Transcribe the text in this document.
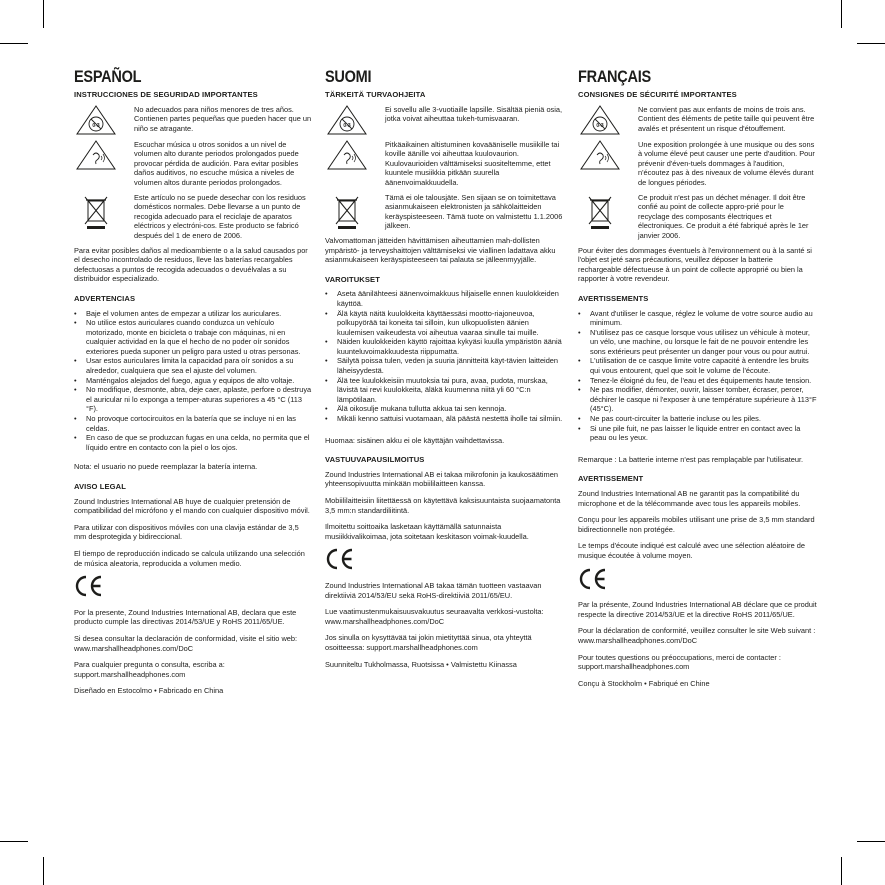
ESPAÑOL
INSTRUCCIONES DE SEGURIDAD IMPORTANTES
0-3
No adecuados para niños menores de tres años. Contienen partes pequeñas que pueden hacer que un niño se atragante.
Escuchar música u otros sonidos a un nivel de volumen alto durante periodos prolongados puede provocar pérdida de audición. Para evitar posibles daños auditivos, no escuche música a niveles de volumen altos durante periodos prolongados.
Este artículo no se puede desechar con los residuos domésticos normales. Debe llevarse a un punto de recogida adecuado para el reciclaje de aparatos eléctricos y electróni-cos. Este producto se fabricó después del 1 de enero de 2006.

Para evitar posibles daños al medioambiente o a la salud causados por el desecho incontrolado de residuos, lleve las baterías recargables defectuosas a puntos de recogida adecuados o devuélvalas a su distribuidor especializado.

ADVERTENCIAS
• Baje el volumen antes de empezar a utilizar los auriculares.
• No utilice estos auriculares cuando conduzca un vehículo motorizado, monte en bicicleta o trabaje con máquinas, ni en cualquier actividad en la que el hecho de no poder oír sonidos exteriores pueda suponer un peligro para usted u otras personas.
• Usar estos auriculares limita la capacidad para oír sonidos a su alrededor, cualquiera que sea el ajuste del volumen.
• Manténgalos alejados del fuego, agua y equipos de alto voltaje.
• No modifique, desmonte, abra, deje caer, aplaste, perfore o destruya el auricular ni lo exponga a temper-aturas superiores a 45 °C (113 °F).
• No provoque cortocircuitos en la batería que se incluye ni en las celdas.
• En caso de que se produzcan fugas en una celda, no permita que el líquido entre en contacto con la piel o los ojos.

Nota: el usuario no puede reemplazar la batería interna.

AVISO LEGAL

Zound Industries International AB huye de cualquier pretensión de compatibilidad del micrófono y el mando con cualquier dispositivo móvil.

Para utilizar con dispositivos móviles con una clavija estándar de 3,5 mm desprotegida y bidireccional.

El tiempo de reproducción indicado se calcula utilizando una selección de música aleatoria, reproducida a volumen medio.

Por la presente, Zound Industries International AB, declara que este producto cumple las directivas 2014/53/UE y RoHS 2011/65/UE.

Si desea consultar la declaración de conformidad, visite el sitio web: www.marshallheadphones.com/DoC

Para cualquier pregunta o consulta, escriba a: support.marshallheadphones.com

Diseñado en Estocolmo • Fabricado en China

SUOMI
TÄRKEITÄ TURVAOHJEITA
0-3
Ei sovellu alle 3-vuotiaille lapsille. Sisältää pieniä osia, jotka voivat aiheuttaa tukeh-tumisvaaran.
Pitkäaikainen altistuminen kovaäänisellе musiikille tai koville äänille voi aiheuttaa kuulovauriоn. Kuulovaurioiden välttämiseksi suositeltemme, ettet kuuntele musiikkia pitkään suurella äänenvoimakkuudella.
Tämä ei ole talousjäte. Sen sijaan se on toimitettava asianmukaiseen elektronisten ja sähkölaitteiden keräyspisteeseen. Tämä tuote on valmistettu 1.1.2006 jälkeen.

Valvomattoman jätteiden hävittämisen aiheuttamien mah-dollisten ympäristö- ja terveyshaittojen välttämiseksi vie viallinen ladattava akku asianmukaiseen keräyspisteeseen tai palauta se jälleenmyyjälle.

VAROITUKSET
• Aseta äänilähteesi äänenvoimakkuus hiljaiselle ennen kuulokkeiden käyttöä.
• Älä käytä näitä kuulokkeita käyttäessäsi mootto-riajoneuvoa, polkupyörää tai koneita tai silloin, kun ulkopuolisten äänien kuulemisen vaikeudesta voi aiheutua vaaraa sinulle tai muille.
• Näiden kuulokkeiden käyttö rajoittaa kykyäsi kuulla ympäristön ääniä kuunteluvoimakkuudesta riippumatta.
• Säilytä poissa tulen, veden ja suuria jännitteitä käyt-tävien laitteiden läheisyydestä.
• Älä tee kuulokkeisiin muutoksia tai pura, avaa, pudota, murskaa, lävistä tai revi kuulokkeita, äläkä kuumenna niitä yli 60 °C:n lämpötilaan.
• Älä oikosulje mukana tullutta akkua tai sen kennoja.
• Mikäli kenno sattuisi vuotamaan, älä päästä nestettä iholle tai silmiin.

Huomaa: sisäinen akku ei ole käyttäjän vaihdettavissa.

VASTUUVAPAUSILMOITUS

Zound Industries International AB ei takaa mikrofonin ja kaukosäätimen yhteensopivuutta minkään mobiililaitteen kanssa.

Mobiililaitteisiin liitettäessä on käytettävä kaksisuuntaista suojaamatonta 3,5 mm:n standardiliitintä.

Ilmoitettu soittoaika lasketaan käyttämällä satunnaista musiikkivalikoimaa, jota soitetaan keskitason voimak-kuudella.

Zound Industries International AB takaa tämän tuotteen vastaavan direktiiviä 2014/53/EU sekä RoHS-direktiiviä 2011/65/EU.

Lue vaatimustenmukaisuusvakuutus seuraavalta verkkosi-vustolta: www.marshallheadphones.com/DoC

Jos sinulla on kysyttävää tai jokin mietityttää sinua, ota yhteyttä osoitteessa: support.marshallheadphones.com

Suunniteltu Tukholmassa, Ruotsissa • Valmistettu Kiinassa

FRANÇAIS
CONSIGNES DE SÉCURITÉ IMPORTANTES
0-3
Ne convient pas aux enfants de moins de trois ans. Contient des éléments de petite taille qui peuvent être avalés et présentent un risque d'étouffement.
Une exposition prolongée à une musique ou des sons à volume élevé peut causer une perte d'audition. Pour prévenir d'éven-tuels dommages à l'audition, n'écoutez pas à des niveaux de volume élevés durant de longues périodes.
Ce produit n'est pas un déchet ménager. Il doit être confié au point de collecte appro-prié pour le recyclage des composants électriques et électroniques. Ce produit a été fabriqué après le 1er janvier 2006.

Pour éviter des dommages éventuels à l'environnement ou à la santé si l'objet est jeté sans précautions, veuillez déposer la batterie rechargeable défectueuse à un point de collecte approprié ou bien la rapporter à votre revendeur.

AVERTISSEMENTS
• Avant d'utiliser le casque, réglez le volume de votre source audio au minimum.
• N'utilisez pas ce casque lorsque vous utilisez un véhicule à moteur, un vélo, une machine, ou lorsque le fait de ne pouvoir entendre les sons extérieurs peut présenter un danger pour vous ou pour autrui.
• L'utilisation de ce casque limite votre capacité à entendre les bruits qui vous entourent, quel que soit le volume de l'écoute.
• Tenez-le éloigné du feu, de l'eau et des équipements haute tension.
• Ne pas modifier, démonter, ouvrir, laisser tomber, écraser, percer, déchirer le casque ni l'exposer à une température supérieure à 113°F (45°C).
• Ne pas court-circuiter la batterie incluse ou les piles.
• Si une pile fuit, ne pas laisser le liquide entrer en contact avec la peau ou les yeux.

Remarque : La batterie interne n'est pas remplaçable par l'utilisateur.

AVERTISSEMENT

Zound Industries International AB ne garantit pas la compatibilité du microphone et de la télécommande avec tous les appareils mobiles.

Conçu pour les appareils mobiles utilisant une prise de 3,5 mm standard bidirectionnelle non protégée.

Le temps d'écoute indiqué est calculé avec une sélection aléatoire de musique écoutée à volume moyen.

Par la présente, Zound Industries International AB déclare que ce produit respecte la directive 2014/53/UE et la directive RoHS 2011/65/UE.

Pour la déclaration de conformité, veuillez consulter le site Web suivant : www.marshallheadphones.com/DoC

Pour toutes questions ou préoccupations, merci de contacter : support.marshallheadphones.com

Conçu à Stockholm • Fabriqué en Chine
